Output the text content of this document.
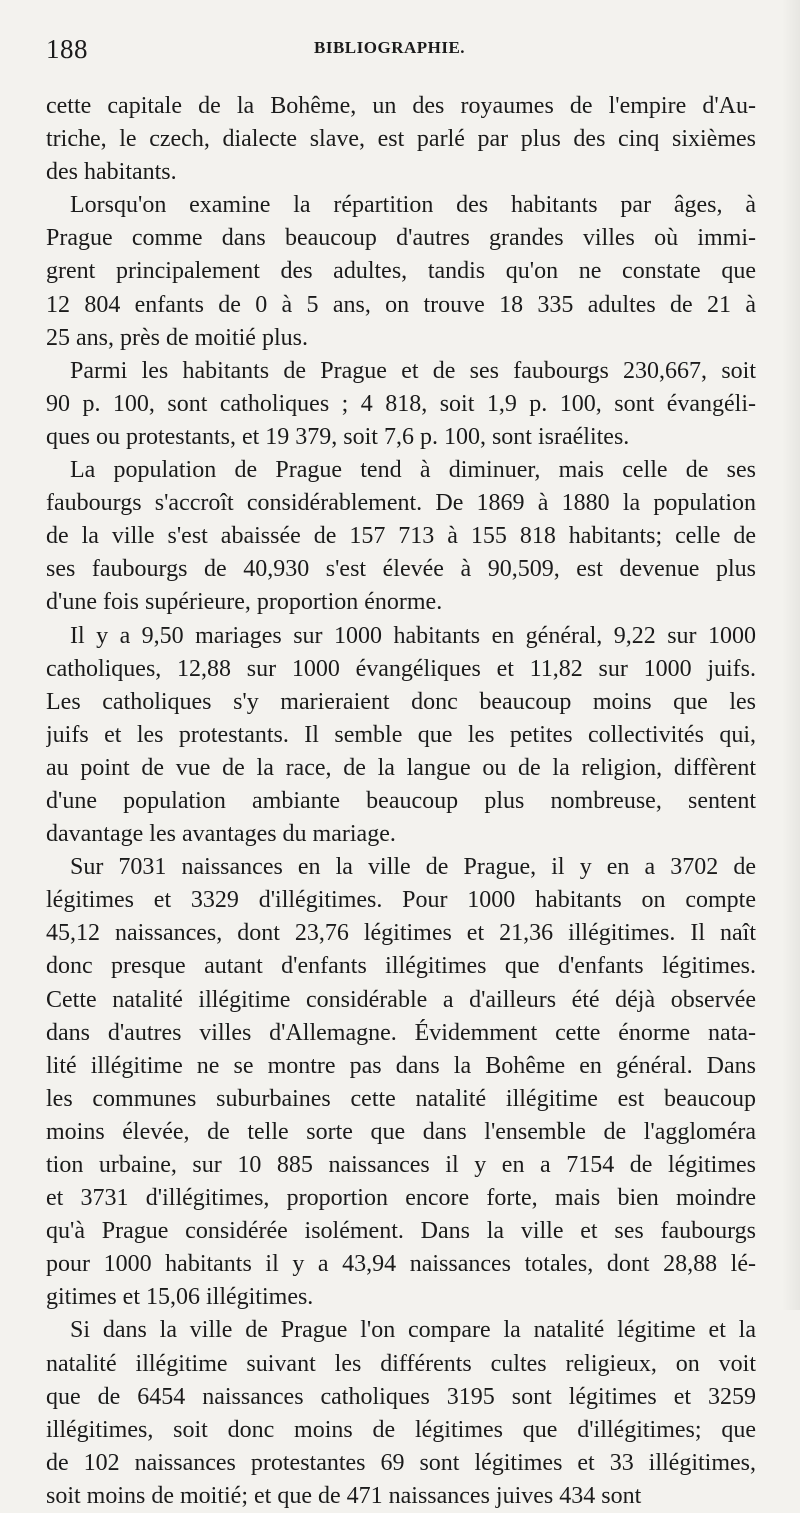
188	BIBLIOGRAPHIE.
cette capitale de la Bohême, un des royaumes de l'empire d'Au-
triche, le czech, dialecte slave, est parlé par plus des cinq sixièmes
des habitants.
Lorsqu'on examine la répartition des habitants par âges, à
Prague comme dans beaucoup d'autres grandes villes où immi-
grent principalement des adultes, tandis qu'on ne constate que
12 804 enfants de 0 à 5 ans, on trouve 18 335 adultes de 21 à
25 ans, près de moitié plus.
Parmi les habitants de Prague et de ses faubourgs 230,667, soit
90 p. 100, sont catholiques ; 4 818, soit 1,9 p. 100, sont évangéli-
ques ou protestants, et 19 379, soit 7,6 p. 100, sont israélites.
La population de Prague tend à diminuer, mais celle de ses
faubourgs s'accroît considérablement. De 1869 à 1880 la population
de la ville s'est abaissée de 157 713 à 155 818 habitants; celle de
ses faubourgs de 40,930 s'est élevée à 90,509, est devenue plus
d'une fois supérieure, proportion énorme.
Il y a 9,50 mariages sur 1000 habitants en général, 9,22 sur 1000
catholiques, 12,88 sur 1000 évangéliques et 11,82 sur 1000 juifs.
Les catholiques s'y marieraient donc beaucoup moins que les
juifs et les protestants. Il semble que les petites collectivités qui,
au point de vue de la race, de la langue ou de la religion, diffèrent
d'une population ambiante beaucoup plus nombreuse, sentent
davantage les avantages du mariage.
Sur 7031 naissances en la ville de Prague, il y en a 3702 de
légitimes et 3329 d'illégitimes. Pour 1000 habitants on compte
45,12 naissances, dont 23,76 légitimes et 21,36 illégitimes. Il naît
donc presque autant d'enfants illégitimes que d'enfants légitimes.
Cette natalité illégitime considérable a d'ailleurs été déjà observée
dans d'autres villes d'Allemagne. Évidemment cette énorme nata-
lité illégitime ne se montre pas dans la Bohême en général. Dans
les communes suburbaines cette natalité illégitime est beaucoup
moins élevée, de telle sorte que dans l'ensemble de l'aggloméra
tion urbaine, sur 10 885 naissances il y en a 7154 de légitimes
et 3731 d'illégitimes, proportion encore forte, mais bien moindre
qu'à Prague considérée isolément. Dans la ville et ses faubourgs
pour 1000 habitants il y a 43,94 naissances totales, dont 28,88 lé-
gitimes et 15,06 illégitimes.
Si dans la ville de Prague l'on compare la natalité légitime et la
natalité illégitime suivant les différents cultes religieux, on voit
que de 6454 naissances catholiques 3195 sont légitimes et 3259
illégitimes, soit donc moins de légitimes que d'illégitimes; que
de 102 naissances protestantes 69 sont légitimes et 33 illégitimes,
soit moins de moitié; et que de 471 naissances juives 434 sont
